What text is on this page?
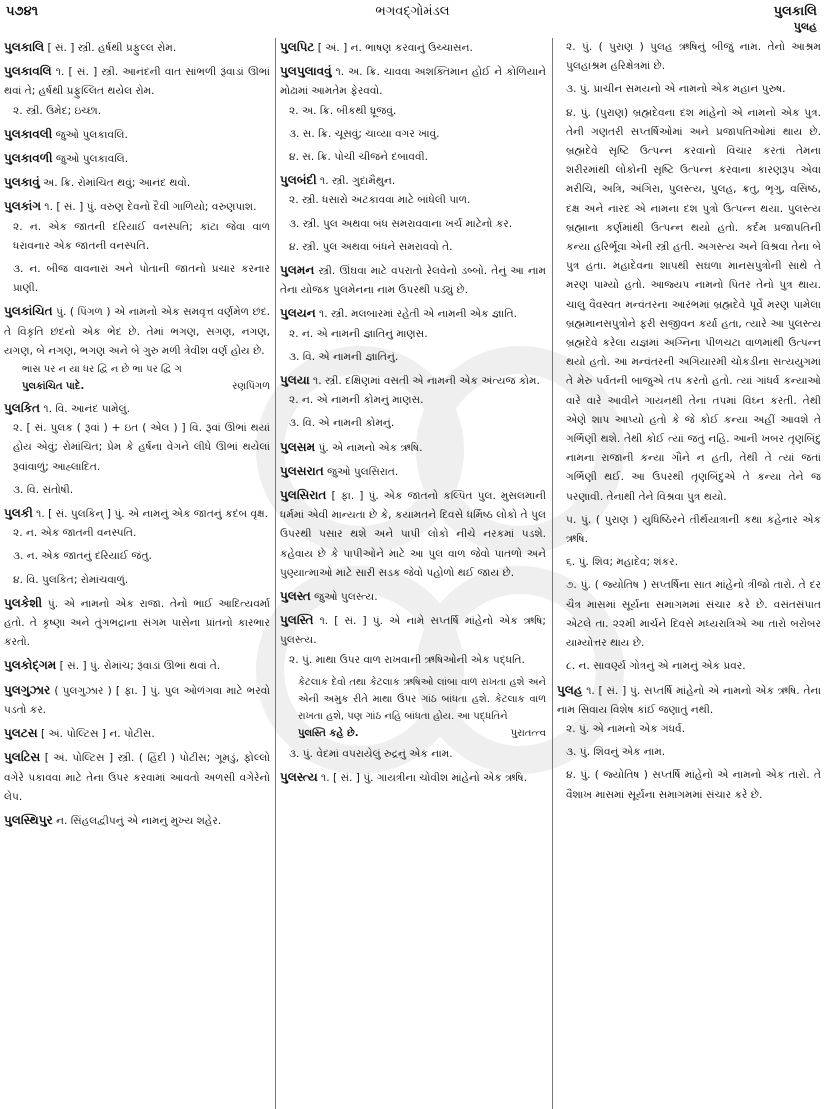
૫૭૪૧	ભગવદ્ગોમંડલ	પુલકાલિ
પુલહ
પુલકાલિ [ સં. ] સ્ત્રી. હર્ષથી પ્રફુલ્લ રોમ.
પુલકાવલિ ૧. [ સં. ] સ્ત્રી. આનંદની વાત સાંભળી રૂંવાડાં ઊભાં થવાં તે; હર્ષથી પ્રફુલ્લિત થયેલ રોમ.
૨. સ્ત્રી. ઉમેદ; ઇચ્છા.
પુલકાવલી જુઓ પુલકાવલિ.
પુલકાવળી જુઓ પુલકાવલિ.
પુલકાવું અ. ક્રિ. રોમાંચિત થવું; આનંદ થવો.
પુલકાંગ ૧. [ સં. ] પું. વરુણ દેવનો દૈવી ગાળિયો; વરુણપાશ.
૨. ન. એક જાતની દરિયાઈ વનસ્પતિ; કાંટા જેવા વાળ ધરાવનાર એક જાતની વનસ્પતિ.
૩. ન. બીજ વાવનારાં અને પોતાની જાતનો પ્રચાર કરનાર પ્રાણી.
પુલકાંચિત પું. ( પિંગળ ) એ નામનો એક સમવૃત્ત વર્ણમેળ છંદ. તે વિકૃતિ છંદનો એક ભેદ છે. તેમાં ભગણ, સગણ, નગણ, યગણ, બે નગણ, ભગણ અને બે ગુરુ મળી ત્રેવીશ વર્ણ હોય છે.
ભાસ પર ન યા ધર દ્વિ ન છે ભા પર દ્વિ ગ
પુલકાંચિત પાદે.	રણપિંગળ
પુલકિત ૧. વિ. આનંદ પામેલું.
૨. [ સં. પુલક ( રૂવાં ) + ઇત ( એલ ) ] વિ. રૂવાં ઊભાં થયાં હોય એવું; રોમાંચિત; પ્રેમ કે હર્ષના વેગને લીધે ઊભાં થયેલાં રૂવાંવાળું; આહ્લાદિત.
૩. વિ. સંતોષી.
પુલકી ૧. [ સં. પુલકિન્ ] પું. એ નામનું એક જાતનું કદંબ વૃક્ષ.
૨. ન. એક જાતની વનસ્પતિ.
૩. ન. એક જાતનું દરિયાઈ જંતુ.
૪. વિ. પુલકિત; રોમાંચવાળું.
પુલકેશી પું. એ નામનો એક રાજા. તેનો ભાઈ આદિત્યવર્મા હતો. તે કૃષ્ણા અને તુંગભદ્રાના સંગમ પાસેના પ્રાંતનો કારભાર કરતો.
પુલકોદ્ગમ [ સં. ] પું. રોમાંચ; રૂંવાડાં ઊભાં થવાં તે.
પુલગુઝાર ( પુલગુઝાર ) [ ફા. ] પું. પુલ ઓળંગવા માટે ભરવો પડતો કર.
પુલટસ [ અં. પોલ્ટિસ ] ન. પોટીસ.
પુલટિસ [ અં. પોલ્ટિસ ] સ્ત્રી. ( હિંદી ) પોટીસ; ગૂમડું, ફોલ્લો વગેરે પકાવવા માટે તેના ઉપર કરવામાં આવતો અળસી વગેરેનો લેપ.
પુલસ્થિપુર ન. સિંહલદ્વીપનું એ નામનું મુખ્ય શહેર.
પુલપિટ [ અં. ] ન. ભાષણ કરવાનું ઉચ્ચાસન.
પુલપુલાવવું ૧. અ. ક્રિ. ચાવવા અશક્તિમાન હોઈ ને કોળિયાને મોઢામાં આમતેમ ફેરવવો.
૨. અ. ક્રિ. બીકથી ધ્રૂજવું.
૩. સ. ક્રિ. ચૂસવું; ચાવ્યા વગર ખાવું.
૪. સ. ક્રિ. પોચી ચીજને દબાવવી.
પુલબંદી ૧. સ્ત્રી. ગુદામૈથુન.
૨. સ્ત્રી. ધસારો અટકાવવા માટે બાંધેલી પાળ.
૩. સ્ત્રી. પુલ અથવા બંધ સમરાવવાના ખર્ચ માટેનો કર.
૪. સ્ત્રી. પુલ અથવા બંધને સમરાવવો તે.
પુલમન સ્ત્રી. ઊંઘવા માટે વપરાતો રેલવેનો ડબ્બો. તેનું આ નામ તેના યોજક પુલમેનના નામ ઉપરથી પડ્યું છે.
પુલયન ૧. સ્ત્રી. મલબારમાં રહેતી એ નામની એક જ્ઞાતિ.
૨. ન. એ નામની જ્ઞાતિનું માણસ.
૩. વિ. એ નામની જ્ઞાતિનું.
પુલયા ૧. સ્ત્રી. દક્ષિણમાં વસતી એ નામની એક અંત્યજ કોમ.
૨. ન. એ નામની કોમનું માણસ.
૩. વિ. એ નામની કોમનું.
પુલસમ પું. એ નામનો એક ઋષિ.
પુલસરાત જુઓ પુલસિરાત.
પુલસિરાત [ ફા. ] પું. એક જાતનો કલ્પિત પુલ. મુસલમાની ધર્મમાં એવી માન્યતા છે કે, કયામતને દિવસે ધર્મિષ્ઠ લોકો તે પુલ ઉપરથી પસાર થશે અને પાપી લોકો નીચે નરકમાં પડશે. કહેવાય છે કે પાપીઓને માટે આ પુલ વાળ જેવો પાતળો અને પુણ્યાત્માઓ માટે સારી સડક જેવો પહોળો થઈ જાય છે.
પુલસ્ત જુઓ પુલસ્ત્ય.
પુલસ્તિ ૧. [ સં. ] પું. એ નામે સપ્તર્ષિ માંહેનો એક ઋષિ; પુલસ્ત્ય.
૨. પું. માથા ઉપર વાળ રાખવાની ઋષિઓની એક પદ્ધતિ.
કેટલાક દેવો તથા કેટલાક ઋષિઓ લાંબા વાળ રાખતા હશે અને એની અમુક રીતે માથા ઉપર ગાંઠ બાંધતા હશે. કેટલાક વાળ રાખતા હશે, પણ ગાંઠ નહિ બાંધતા હોય. આ પદ્ધતિને
પુલસ્તિ કહે છે.	પુરાતત્ત્વ
૩. પું. વેદમાં વપરાયેલું રુદ્રનું એક નામ.
પુલસ્ત્ય ૧. [ સં. ] પું. ગાયત્રીના ચોવીશ માંહેનો એક ઋષિ.
૨. પું. ( પુરાણ ) પુલહ ઋષિનું બીજું નામ. તેનો આશ્રમ પુલહાશ્રમ હરિક્ષેત્રમાં છે.
૩. પું. પ્રાચીન સમયનો એ નામનો એક મહાન પુરુષ.
૪. પું. (પુરાણ) બ્રહ્મદેવના દશ માંહેનો એ નામનો એક પુત્ર. તેની ગણતરી સપ્તર્ષિઓમાં અને પ્રજાપતિઓમાં થાય છે. બ્રહ્મદેવે સૃષ્ટિ ઉત્પન્ન કરવાનો વિચાર કરતાં તેમના શરીરમાંથી લોકોની સૃષ્ટિ ઉત્પન્ન કરવાના કારણરૂપ એવા મરીચિ, અત્રિ, અંગિરા, પુલસ્ત્ય, પુલહ, ક્રતુ, ભૃગુ, વસિષ્ઠ, દક્ષ અને નારદ એ નામના દશ પુત્રો ઉત્પન્ન થયા. પુલસ્ત્ય બ્રહ્માના કર્ણમાંથી ઉત્પન્ન થયો હતો. કર્દમ પ્રજાપતિની કન્યા હરિર્ભૂવા એની સ્ત્રી હતી. અગસ્ત્ય અને વિશ્રવા તેના બે પુત્ર હતા. મહાદેવના શાપથી સઘળા માનસપુત્રોની સાથે તે મરણ પામ્યો હતો. આજ્યપ નામનો પિતર તેનો પુત્ર થાય. ચાલુ વૈવસ્વત મન્વંતરના આરંભમાં બ્રહ્મદેવે પૂર્વે મરણ પામેલા બ્રહ્મમાનસપુત્રોને ફરી સજીવન કર્યા હતા, ત્યારે આ પુલસ્ત્ય બ્રહ્મદેવે કરેલા યજ્ઞમાં અગ્નિના પીળચટા વાળમાંથી ઉત્પન્ન થયો હતો. આ મન્વંતરની અગિયારમી ચોકડીના સત્યયુગમાં તે મેરુ પર્વતની બાજુએ તપ કરતો હતો. ત્યાં ગાંધર્વ કન્યાઓ વારે વારે આવીને ગાયનથી તેના તપમાં વિઘ્ન કરતી. તેથી એણે શાપ આપ્યો હતો કે જે કોઈ કન્યા અહીં આવશે તે ગર્ભિણી થશે. તેથી કોઈ ત્યાં જતું નહિ. આની ખબર તૃણબિંદુ નામના રાજાની કન્યા ગૌને ન હતી, તેથી તે ત્યાં જતાં ગર્ભિણી થઈ. આ ઉપરથી તૃણબિંદુએ તે કન્યા તેને જ પરણાવી. તેનાથી તેને વિશ્રવા પુત્ર થયો.
૫. પું. ( પુરાણ ) યુધિષ્ઠિરને તીર્થયાત્રાની કથા કહેનાર એક ઋષિ.
૬. પું. શિવ; મહાદેવ; શંકર.
૭. પું. ( જ્યોતિષ ) સપ્તર્ષિના સાત માંહેનો ત્રીજો તારો. તે દર ચૈત્ર માસમાં સૂર્યના સમાગમમાં સંચાર કરે છે. વસંતસંપાત એટલે તા. ૨૨મી માર્ચને દિવસે મધ્યરાત્રિએ આ તારો બરોબર યામ્યોત્તર થાય છે.
૮. ન. સાવર્ણ્ય ગોત્રનું એ નામનું એક પ્રવર.
પુલહ ૧. [ સં. ] પું. સપ્તર્ષિ માંહેનો એ નામનો એક ઋષિ. તેના નામ સિવાય વિશેષ કાંઈ જણાતું નથી.
૨. પું. એ નામનો એક ગંધર્વ.
૩. પું. શિવનું એક નામ.
૪. પું. ( જ્યોતિષ ) સપ્તર્ષિ માંહેનો એ નામનો એક તારો. તે વૈશાખ માસમાં સૂર્યના સમાગમમાં સંચાર કરે છે.
